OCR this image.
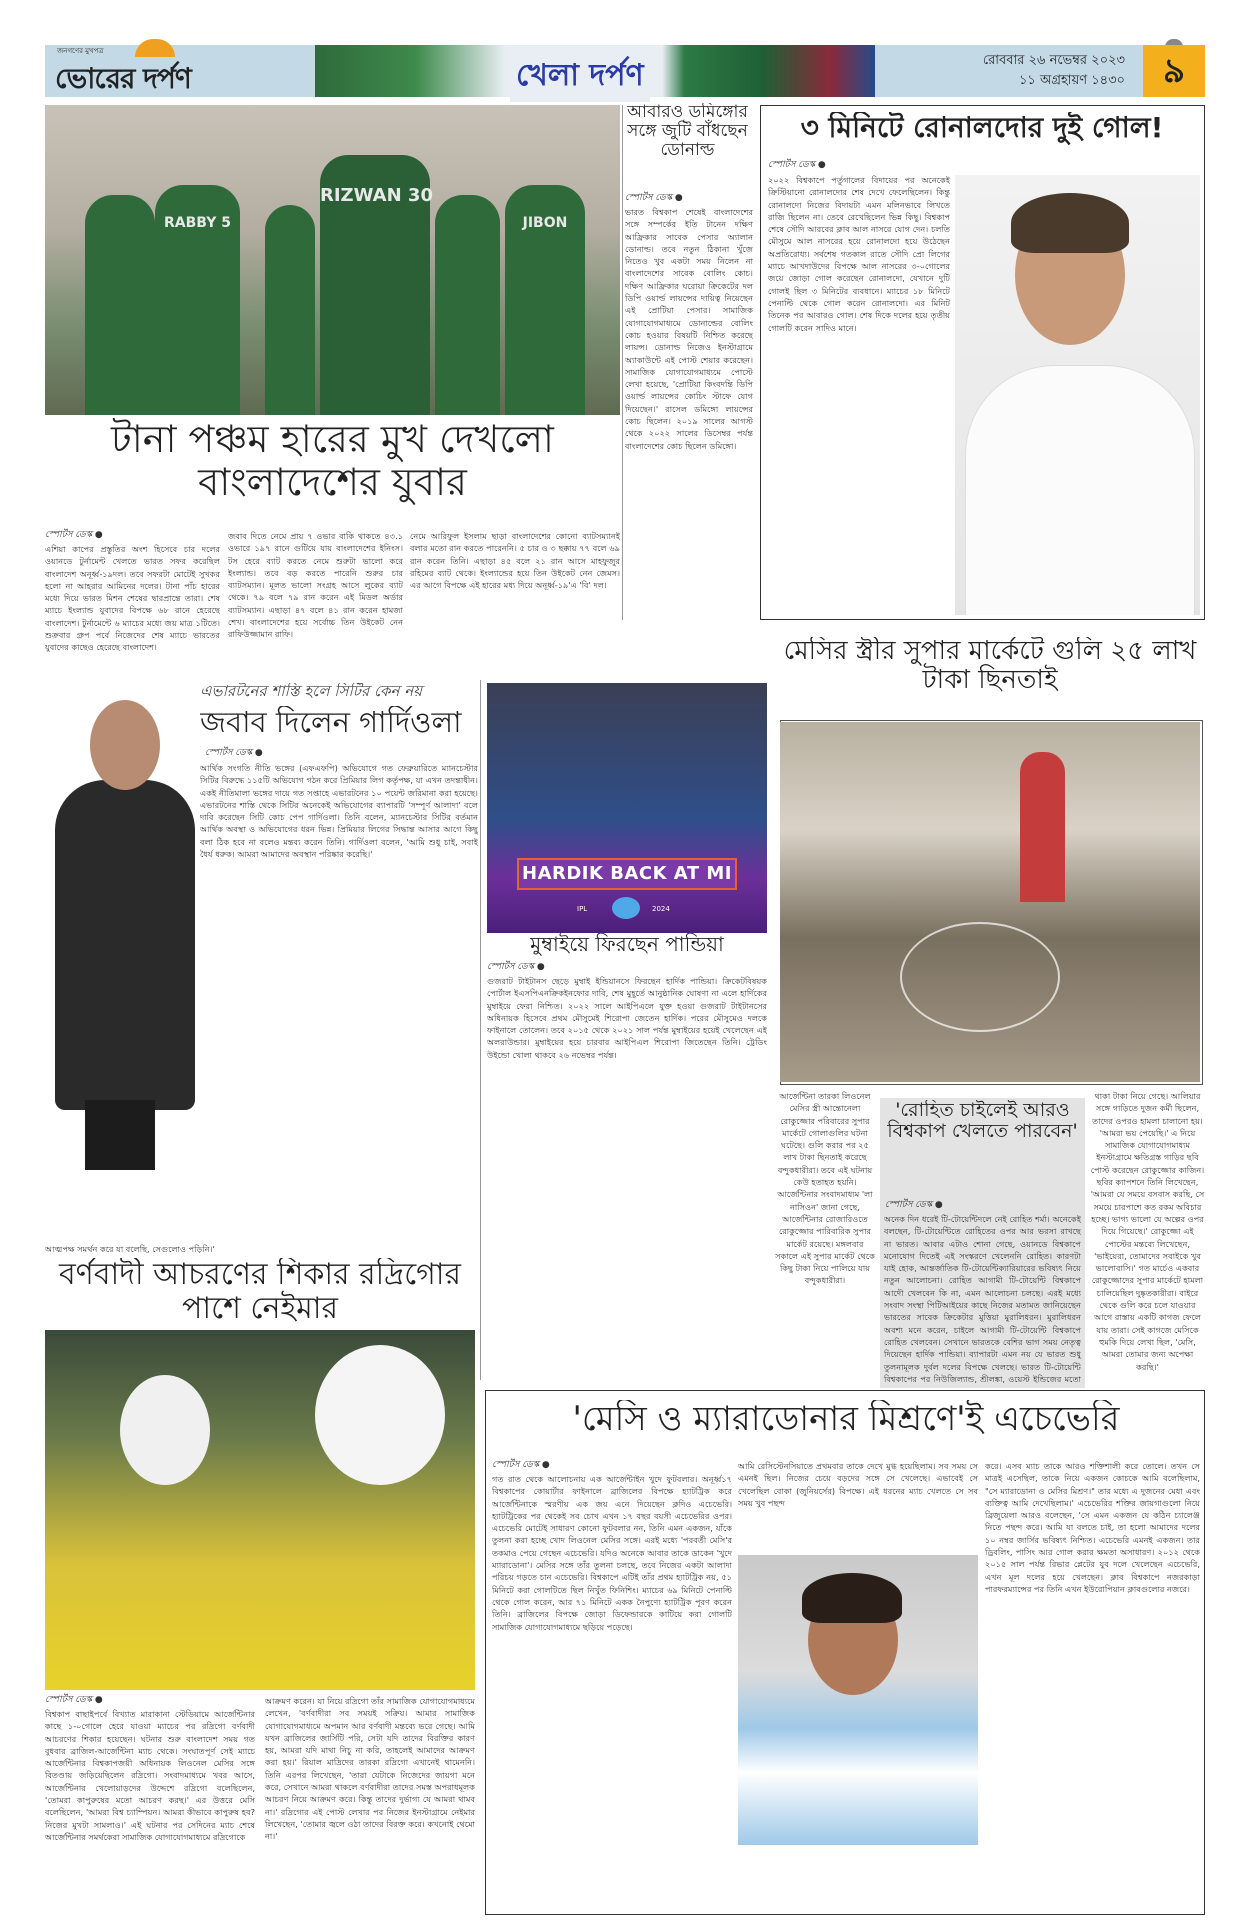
জনগণের মুখপত্র
ভোরের দর্পণ	খেলা দর্পণ	রোববার ২৬ নভেম্বর ২০২৩
১১ অগ্রহায়ণ ১৪৩০	৯
RABBY 5
RIZWAN 30
JIBON
টানা পঞ্চম হারের মুখ দেখলো বাংলাদেশের যুবার
স্পোর্টস ডেস্ক ●
এশিয়া কাপের প্রস্তুতির অংশ হিসেবে চার দলের ওয়ানডে টুর্নামেন্ট খেলতে ভারত সফর করেছিল বাংলাদেশ অনূর্ধ্ব-১৯দল। তবে সফরটা মোটেই সুখকর হলো না আহরার আমিনের দলের। টানা পাঁচ হারের মধ্যে দিয়ে ভারত মিশন শেষের দ্বারপ্রান্তে তারা। শেষ ম্যাচে ইংল্যান্ড যুবাদের বিপক্ষে ৬৮ রানে হেরেছে বাংলাদেশ। টুর্নামেন্টে ৬ ম্যাচের মধ্যে জয় মাত্র ১টিতে। শুক্রবার গ্রুপ পর্বে নিজেদের শেষ ম্যাচে ভারতের যুবাদের কাছেও হেরেছে বাংলাদেশ।
জবাব দিতে নেমে প্রায় ৭ ওভার বাকি থাকতে ৪৩.১ ওভারে ১৯৭ রানে গুটিয়ে যায় বাংলাদেশের ইনিংস। টস হেরে ব্যাট করতে নেমে শুরুটা ভালো করে ইংল্যান্ড। তবে বড় করতে পারেনি শুরুর চার ব্যাটসম্যান। মূলত ভালো সংগ্রহ আসে লুকের ব্যাট থেকে। ৭৯ বলে ৭৯ রান করেন এই মিডল অর্ডার ব্যাটসম্যান। এছাড়া ৪৭ বলে ৪১ রান করেন হামজা শেখ। বাংলাদেশের হয়ে সর্বোচ্চ তিন উইকেট নেন রাফিউজ্জামান রাফি।
নেমে আরিফুল ইসলাম ছাড়া বাংলাদেশের কোনো ব্যাটসম্যানই বলার মতো রান করতে পারেননি। ৫ চার ও ৩ ছক্কায় ৭৭ বলে ৬৯ রান করেন তিনি। এছাড়া ৪৫ বলে ২১ রান আসে মাহফুজুর রহিমের ব্যাট থেকে। ইংল্যান্ডের হয়ে তিন উইকেট নেন জেমস। এর আগে বিপক্ষে এই হারের মধ্য দিয়ে অনূর্ধ্ব-১৯'এ 'বি' দল।
আবারও ডমিঙ্গোর সঙ্গে জুটি বাঁধছেন ডোনাল্ড
স্পোর্টস ডেস্ক ●
ভারত বিশ্বকাপ শেষেই বাংলাদেশের সঙ্গে সম্পর্কের ইতি টানেন দক্ষিণ আফ্রিকার সাবেক পেসার অ্যালান ডোনাল্ড। তবে নতুন ঠিকানা খুঁজে নিতেও খুব একটা সময় নিলেন না বাংলাদেশের সাবেক বোলিং কোচ। দক্ষিণ আফ্রিকার ঘরোয়া ক্রিকেটের দল ডিপি ওয়ার্ল্ড লায়ন্সের দায়িত্ব নিয়েছেন এই প্রোটিয়া পেসার। সামাজিক যোগাযোগমাধ্যমে ডোনাল্ডের বোলিং কোচ হওয়ার বিষয়টি নিশ্চিত করেছে লায়ন্স। ডোনাল্ড নিজেও ইনস্টাগ্রামে অ্যাকাউন্টে এই পোস্ট শেয়ার করেছেন। সামাজিক যোগাযোগমাধ্যমে পোস্টে লেখা হয়েছে, 'প্রোটিয়া কিংবদন্তি ডিপি ওয়ার্ল্ড লায়ন্সের কোচিং স্টাফে যোগ দিয়েছেন।' রাসেল ডমিঙ্গো লায়ন্সের কোচ ছিলেন। ২০১৯ সালের আগস্ট থেকে ২০২২ সালের ডিসেম্বর পর্যন্ত বাংলাদেশের কোচ ছিলেন ডমিঙ্গো।
৩ মিনিটে রোনালদোর দুই গোল!
স্পোর্টস ডেস্ক ●
২০২২ বিশ্বকাপে পর্তুগালের বিদায়ের পর অনেকেই ক্রিস্টিয়ানো রোনালদোর শেষ দেখে ফেলেছিলেন। কিন্তু রোনালদো নিজের বিদায়টা এমন মলিনভাবে লিখতে রাজি ছিলেন না। তেবে রেখেছিলেন ভিন্ন কিছু। বিশ্বকাপ শেষে সৌদি আরবের ক্লাব আল নাসরে যোগ দেন। চলতি মৌসুমে আল নাসরের হয়ে রোনালদো হয়ে উঠেছেন অপ্রতিরোধ্য। সর্বশেষ গতকাল রাতে সৌদি প্রো লিগের ম্যাচে আখদাউদের বিপক্ষে আল নাসরের ৩-০গোলের জয়ে জোড়া গোল করেছেন রোনালদো, যেখানে দুটি গোলই ছিল ৩ মিনিটের ব্যবধানে। ম্যাচের ১৮ মিনিটে পেনাল্টি থেকে গোল করেন রোনালদো। এর মিনিট তিনেক পর আবারও গোল। শেষ দিকে দলের হয়ে তৃতীয় গোলটি করেন সাদিও মানে।
এভারটনের শাস্তি হলে সিটির কেন নয়
জবাব দিলেন গার্দিওলা
স্পোর্টস ডেস্ক ●
আর্থিক সংগতি নীতি ভঙ্গের (এফএফপি) অভিযোগে গত ফেব্রুয়ারিতে ম্যানচেস্টার সিটির বিরুদ্ধে ১১৫টি অভিযোগ গঠন করে প্রিমিয়ার লিগ কর্তৃপক্ষ, যা এখন তদন্তাধীন। একই নীতিমালা ভঙ্গের দায়ে গত সপ্তাহে এভারটনের ১০ পয়েন্ট জরিমানা করা হয়েছে। এভারটনের শাস্তি থেকে সিটির অনেকেই অভিযোগের ব্যাপারটি 'সম্পূর্ণ আলাদা' বলে দাবি করেছেন সিটি কোচ পেপ গার্দিওলা। তিনি বলেন, ম্যানচেস্টার সিটির বর্তমান আর্থিক অবস্থা ও অভিযোগের ধরন ভিন্ন। প্রিমিয়ার লিগের সিদ্ধান্ত আসার আগে কিছু বলা ঠিক হবে না বলেও মন্তব্য করেন তিনি। গার্দিওলা বলেন, 'আমি শুধু চাই, সবাই ধৈর্য ধরুক। আমরা আমাদের অবস্থান পরিষ্কার করেছি।'
আত্মপক্ষ সমর্থন করে যা বলেছি, সেগুলোও পড়িনি।'
HARDIK BACK AT MI
IPL	2024
মুম্বাইয়ে ফিরছেন পান্ডিয়া
স্পোর্টস ডেস্ক ●
গুজরাট টাইটানস ছেড়ে মুম্বাই ইন্ডিয়ানসে ফিরছেন হার্দিক পান্ডিয়া। ক্রিকেটবিষয়ক পোর্টাল ইএসপিএনক্রিকইনফোর দাবি, শেষ মুহূর্তে আনুষ্ঠানিক ঘোষণা না এলে হার্দিকের মুম্বাইয়ে ফেরা নিশ্চিত। ২০২২ সালে আইপিএলে যুক্ত হওয়া গুজরাট টাইটানসের অধিনায়ক হিসেবে প্রথম মৌসুমেই শিরোপা জেতেন হার্দিক। পরের মৌসুমেও দলকে ফাইনালে তোলেন। তবে ২০১৫ থেকে ২০২১ সাল পর্যন্ত মুম্বাইয়ের হয়েই খেলেছেন এই অলরাউন্ডার। মুম্বাইয়ের হয়ে চারবার আইপিএল শিরোপা জিতেছেন তিনি। ট্রেডিং উইন্ডো খোলা থাকবে ২৬ নভেম্বর পর্যন্ত।
মেসির স্ত্রীর সুপার মার্কেটে গুলি ২৫ লাখ টাকা ছিনতাই
আর্জেন্টিনা তারকা লিওনেল মেসির স্ত্রী আন্তোনেলা রোকুজ্জোর পরিবারের সুপার মার্কেটে গোলাগুলির ঘটনা ঘটেছে। গুলি করার পর ২৫ লাখ টাকা ছিনতাই করেছে বন্দুকধারীরা। তবে এই ঘটনায় কেউ হতাহত হয়নি। আর্জেন্টিনার সংবাদমাধ্যম 'লা নাসিওন' জানা গেছে, আর্জেন্টিনার রোজারিওতে রোকুজ্জোর পারিবারিক সুপার মার্কেট রয়েছে। মঙ্গলবার সকালে এই সুপার মার্কেট থেকে কিছু টাকা নিয়ে পালিয়ে যায় বন্দুকধারীরা।
থাকা টাকা নিয়ে গেছে। আলিয়ার সঙ্গে গাড়িতে দুজন কর্মী ছিলেন, তাদের ওপরও হামলা চালানো হয়। 'আমরা ভয় পেয়েছি।' এ নিয়ে সামাজিক যোগাযোগমাধ্যম ইনস্টাগ্রামে ক্ষতিগ্রস্ত গাড়ির ছবি পোস্ট করেছেন রোকুজ্জোর কাজিন। ছবির ক্যাপশনে তিনি লিখেছেন, 'আমরা যে সময়ে বসবাস করছি, সে সময়ে চারপাশে কত রকম অবিচার হচ্ছে। ভাগ্য ভালো যে অল্পের ওপর দিয়ে গিয়েছে।' রোকুজ্জো এই পোস্টের মন্তব্যে লিখেছেন, 'ভাইয়েরা, তোমাদের সবাইকে খুব ভালোবাসি।' গত মার্চেও একবার রোকুজ্জোদের সুপার মার্কেটে হামলা চালিয়েছিল দুষ্কৃতকারীরা। বাইরে থেকে গুলি করে চলে যাওয়ার আগে রাস্তায় একটি কাগজ ফেলে যায় তারা। সেই কাগজে মেসিকে হুমকি দিয়ে লেখা ছিল, 'মেসি, আমরা তোমার জন্য অপেক্ষা করছি।'
'রোহিত চাইলেই আরও বিশ্বকাপ খেলতে পারবেন'
স্পোর্টস ডেস্ক ●
অনেক দিন ধরেই টি-টোয়েন্টিদলে নেই রোহিত শর্মা। অনেকেই বলছেন, টি-টোয়েন্টিতে রোহিতের ওপর আর ভরসা রাখছে না ভারত। আবার এটাও শোনা গেছে, ওয়ানডে বিশ্বকাপে মনোযোগ দিতেই এই সংস্করণে খেলেননি রোহিত। কারণটা যাই হোক, আন্তর্জাতিক টি-টোয়েন্টিক্যারিয়ারের ভবিষ্যৎ নিয়ে নতুন আলোচনা। রোহিত আগামী টি-টোয়েন্টি বিশ্বকাপে আদৌ খেলবেন কি না, এমন আলোচনা চলছে। এরই মধ্যে সংবাদ সংস্থা পিটিআইয়ের কাছে নিজের মতামত জানিয়েছেন ভারতের সাবেক ক্রিকেটার মুত্তিয়া মুরালিধরন। মুরালিধরন অবশ্য মনে করেন, চাইলে আগামী টি-টোয়েন্টি বিশ্বকাপে রোহিত খেলবেন। সেখানে ভারতকে বেশির ভাগ সময় নেতৃত্ব দিয়েছেন হার্দিক পান্ডিয়া। ব্যাপারটা এমন নয় যে ভারত শুধু তুলনামূলক দুর্বল দলের বিপক্ষে খেলছে। ভারত টি-টোয়েন্টি বিশ্বকাপের পর নিউজিল্যান্ড, শ্রীলঙ্কা, ওয়েস্ট ইন্ডিজের মতো
বর্ণবাদী আচরণের শিকার রদ্রিগোর পাশে নেইমার
স্পোর্টস ডেস্ক ●
বিশ্বকাপ বাছাইপর্বে বিখ্যাত মারাকানা স্টেডিয়ামে আর্জেন্টিনার কাছে ১-০গোলে হেরে যাওয়া ম্যাচের পর রদ্রিগো বর্ণবাদী আচরণের শিকার হয়েছেন। ঘটনার শুরু বাংলাদেশ সময় গত বুধবার ব্রাজিল-আর্জেন্টিনা ম্যাচ থেকে। সংঘাতপূর্ণ সেই ম্যাচে আর্জেন্টিনার বিশ্বকাপজয়ী অধিনায়ক লিওনেল মেসির সঙ্গে বিতণ্ডায় জড়িয়েছিলেন রদ্রিগো। সংবাদমাধ্যমে খবর আসে, আর্জেন্টিনার খেলোয়াড়দের উদ্দেশে রদ্রিগো বলেছিলেন, 'তোমরা কাপুরুষের মতো আচরণ করছ।' এর উত্তরে মেসি বলেছিলেন, 'আমরা বিশ্ব চ্যাম্পিয়ন। আমরা কীভাবে কাপুরুষ হব? নিজের মুখটা সামলাও।' এই ঘটনার পর সেদিনের ম্যাচ শেষে আর্জেন্টিনার সমর্থকেরা সামাজিক যোগাযোগমাধ্যমে রদ্রিগোকে
আক্রমণ করেন। যা নিয়ে রদ্রিগো তাঁর সামাজিক যোগাযোগমাধ্যমে লেখেন, 'বর্ণবাদীরা সব সময়ই সক্রিয়। আমার সামাজিক যোগাযোগমাধ্যমে অপমান আর বর্ণবাদী মন্তব্যে ভরে গেছে। আমি যখন ব্রাজিলের জার্সিটি পরি, সেটা যদি তাদের বিরক্তির কারণ হয়, আমরা যদি মাথা নিচু না করি, তাহলেই আমাদের আক্রমণ করা হয়।' রিয়াল মাদ্রিদের তারকা রদ্রিগো এখানেই থামেননি। তিনি এরপর লিখেছেন, 'তারা যেটাকে নিজেদের জায়গা মনে করে, সেখানে আমরা থাকলে বর্ণবাদীরা তাদের সমস্ত অপরাধমূলক আচরণ নিয়ে আক্রমণ করে। কিন্তু তাদের দুর্ভাগ্য যে আমরা থামব না।' রদ্রিগোর এই পোস্ট লেখার পর নিজের ইনস্টাগ্রামে নেইমার লিখেছেন, 'তোমার জ্বলে ওঠা তাদের বিরক্ত করে। কখনোই থেমো না।'
'মেসি ও ম্যারাডোনার মিশ্রণে'ই এচেভেরি
স্পোর্টস ডেস্ক ●
গত রাত থেকে আলোচনায় এক আর্জেন্টাইন খুদে ফুটবলার। অনূর্ধ্ব১৭ বিশ্বকাপের কোয়ার্টার ফাইনালে ব্রাজিলের বিপক্ষে হ্যাটট্রিক করে আর্জেন্টিনাকে স্মরণীয় এক জয় এনে দিয়েছেন ক্লদিও এচেভেরি। হ্যাটট্রিকের পর থেকেই সব চোখ এখন ১৭ বছর বয়সী এচেভেরির ওপর। এচেভেরি মোটেই সাধারণ কোনো ফুটবলার নন, তিনি এমন একজন, যাঁকে তুলনা করা হচ্ছে খোদ লিওনেল মেসির সঙ্গে। এরই মধ্যে 'পরবর্তী মেসি'র তকমাও পেয়ে গেছেন এচেভেরি। যদিও অনেকে আবার তাকে ডাকেন 'খুদে ম্যারাডোনা'। মেসির সঙ্গে তাঁর তুলনা চলছে, তবে নিজের একটা আলাদা পরিচয় গড়তে চান এচেভেরি। বিশ্বকাপে এটিই তাঁর প্রথম হ্যাটট্রিক নয়, ৫১ মিনিটে করা গোলটিতে ছিল নিখুঁত ফিনিশিং। ম্যাচের ৬৯ মিনিটে পেনাল্টি থেকে গোল করেন, আর ৭১ মিনিটে একক নৈপুণ্যে হ্যাটট্রিক পূরণ করেন তিনি। ব্রাজিলের বিপক্ষে জোড়া ডিফেন্ডারকে কাটিয়ে করা গোলটি সামাজিক যোগাযোগমাধ্যমে ছড়িয়ে পড়েছে।
আমি রেসিস্টেনসিয়াতে প্রথমবার তাকে দেখে মুগ্ধ হয়েছিলাম। সব সময় সে এমনই ছিল। নিজের চেয়ে বড়দের সঙ্গে সে খেলেছে। এভাবেই সে খেলেছিল বোকা (জুনিয়র্সের) বিপক্ষে। এই ধরনের ম্যাচ খেলতে সে সব সময় খুব পছন্দ
করে। এসব ম্যাচ তাকে আরও শক্তিশালী করে তোলে। তখন সে মাত্রই এসেছিল, তাকে নিয়ে একজন কোচকে আমি বলেছিলাম, "সে ম্যারাডোনা ও মেসির মিশ্রণ।" তার মধ্যে এ দুজনের মেধা এবং ব্যক্তিত্ব আমি দেখেছিলাম।' এচেভেরির শক্তির জায়গাগুলো নিয়ে ব্রিজুয়েলা আরও বলেছেন, 'সে এমন একজন যে কঠিন চ্যালেঞ্জ নিতে পছন্দ করে। আমি যা বলতে চাই, তা হলো আমাদের দলের ১০ নম্বর জার্সির ভবিষ্যৎ নিশ্চিত। এচেভেরি এমনই একজন। তার ড্রিবলিং, পাসিং আর গোল করার ক্ষমতা অসাধারণ। ২০১২ থেকে ২০১৫ সাল পর্যন্ত রিভার প্লেটের যুব দলে খেলেছেন এচেভেরি, এখন মূল দলের হয়ে খেলছেন। ক্লাব বিশ্বকাপে নজরকাড়া পারফরম্যান্সের পর তিনি এখন ইউরোপিয়ান ক্লাবগুলোর নজরে।
